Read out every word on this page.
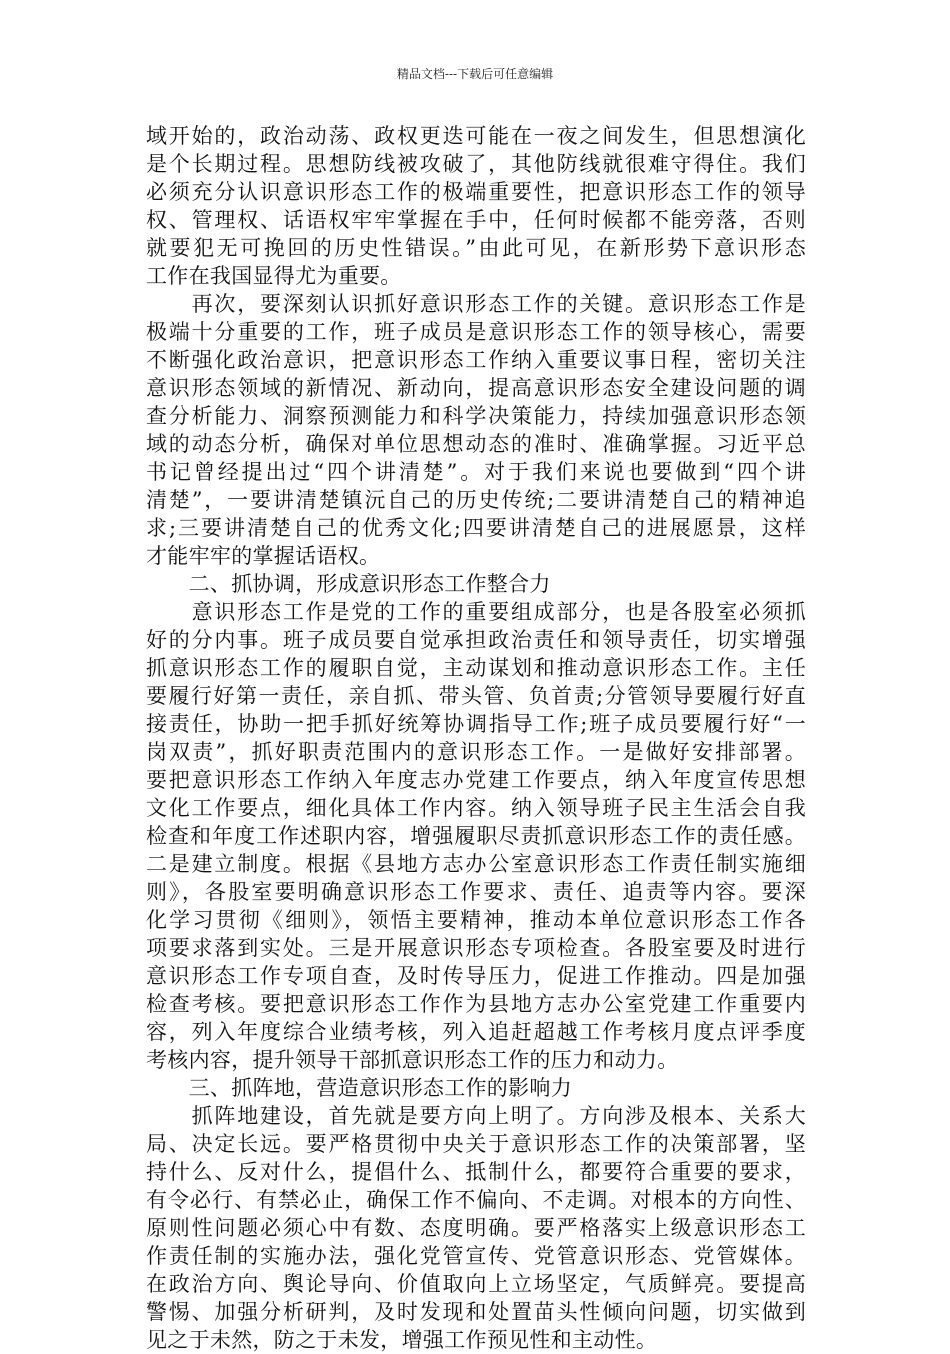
精品文档---下载后可任意编辑
域开始的，政治动荡、政权更迭可能在一夜之间发生，但思想演化
是个长期过程。思想防线被攻破了，其他防线就很难守得住。我们
必须充分认识意识形态工作的极端重要性，把意识形态工作的领导
权、管理权、话语权牢牢掌握在手中，任何时候都不能旁落，否则
就要犯无可挽回的历史性错误。”由此可见，在新形势下意识形态
工作在我国显得尤为重要。
　　再次，要深刻认识抓好意识形态工作的关键。意识形态工作是
极端十分重要的工作，班子成员是意识形态工作的领导核心，需要
不断强化政治意识，把意识形态工作纳入重要议事日程，密切关注
意识形态领域的新情况、新动向，提高意识形态安全建设问题的调
查分析能力、洞察预测能力和科学决策能力，持续加强意识形态领
域的动态分析，确保对单位思想动态的准时、准确掌握。习近平总
书记曾经提出过“四个讲清楚”。对于我们来说也要做到“四个讲
清楚”，一要讲清楚镇沅自己的历史传统;二要讲清楚自己的精神追
求;三要讲清楚自己的优秀文化;四要讲清楚自己的进展愿景，这样
才能牢牢的掌握话语权。
　　二、抓协调，形成意识形态工作整合力
　　意识形态工作是党的工作的重要组成部分，也是各股室必须抓
好的分内事。班子成员要自觉承担政治责任和领导责任，切实增强
抓意识形态工作的履职自觉，主动谋划和推动意识形态工作。主任
要履行好第一责任，亲自抓、带头管、负首责;分管领导要履行好直
接责任，协助一把手抓好统筹协调指导工作;班子成员要履行好“一
岗双责”，抓好职责范围内的意识形态工作。一是做好安排部署。
要把意识形态工作纳入年度志办党建工作要点，纳入年度宣传思想
文化工作要点，细化具体工作内容。纳入领导班子民主生活会自我
检查和年度工作述职内容，增强履职尽责抓意识形态工作的责任感。
二是建立制度。根据《县地方志办公室意识形态工作责任制实施细
则》，各股室要明确意识形态工作要求、责任、追责等内容。要深
化学习贯彻《细则》，领悟主要精神，推动本单位意识形态工作各
项要求落到实处。三是开展意识形态专项检查。各股室要及时进行
意识形态工作专项自查，及时传导压力，促进工作推动。四是加强
检查考核。要把意识形态工作作为县地方志办公室党建工作重要内
容，列入年度综合业绩考核，列入追赶超越工作考核月度点评季度
考核内容，提升领导干部抓意识形态工作的压力和动力。
　　三、抓阵地，营造意识形态工作的影响力
　　抓阵地建设，首先就是要方向上明了。方向涉及根本、关系大
局、决定长远。要严格贯彻中央关于意识形态工作的决策部署，坚
持什么、反对什么，提倡什么、抵制什么，都要符合重要的要求，
有令必行、有禁必止，确保工作不偏向、不走调。对根本的方向性、
原则性问题必须心中有数、态度明确。要严格落实上级意识形态工
作责任制的实施办法，强化党管宣传、党管意识形态、党管媒体。
在政治方向、舆论导向、价值取向上立场坚定，气质鲜亮。要提高
警惕、加强分析研判，及时发现和处置苗头性倾向问题，切实做到
见之于未然，防之于未发，增强工作预见性和主动性。
